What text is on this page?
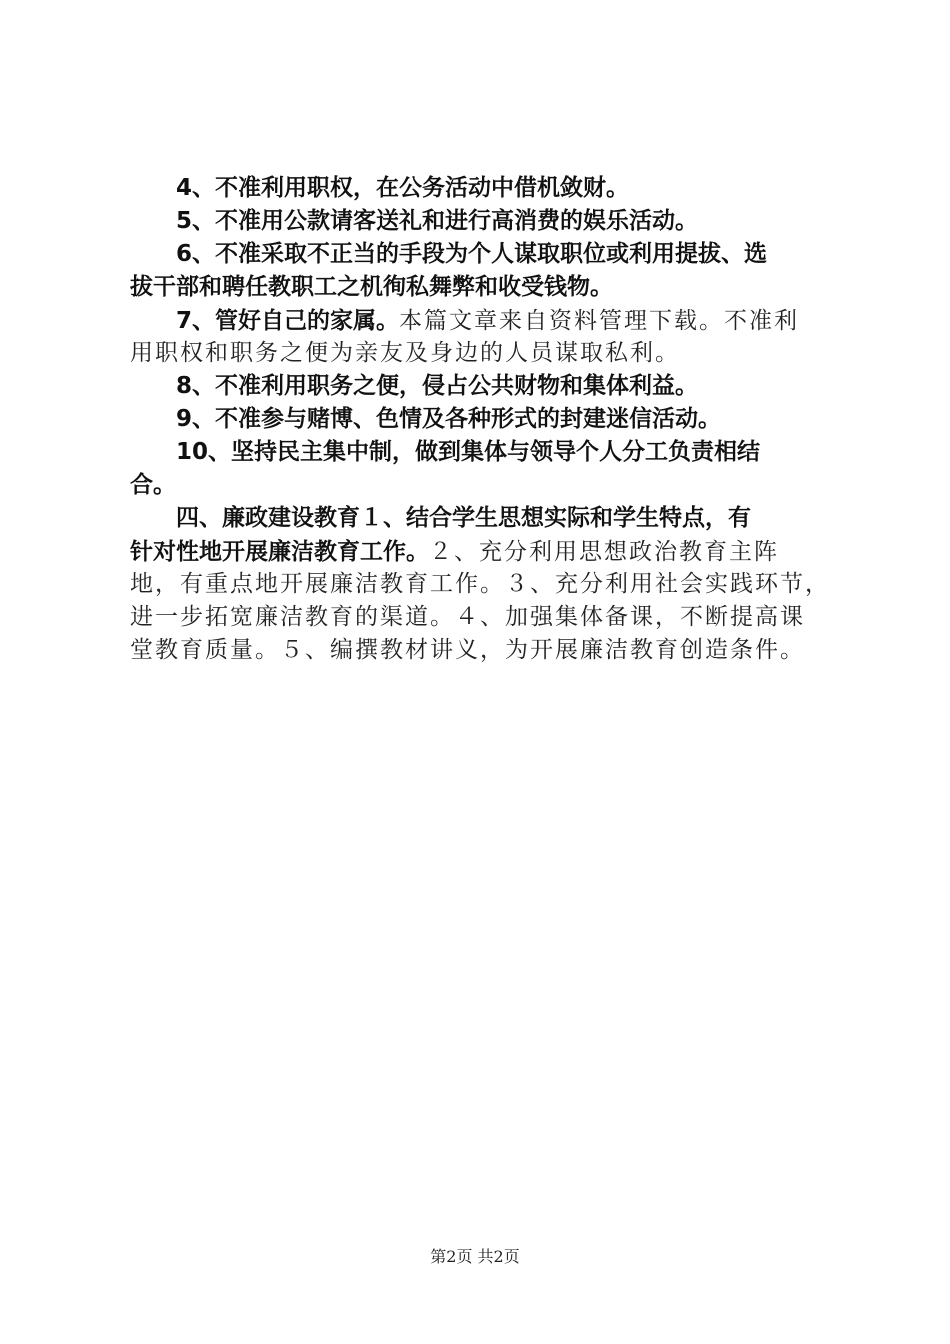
4、不准利用职权，在公务活动中借机敛财。
5、不准用公款请客送礼和进行高消费的娱乐活动。
6、不准采取不正当的手段为个人谋取职位或利用提拔、选
拔干部和聘任教职工之机徇私舞弊和收受钱物。
7、管好自己的家属。本篇文章来自资料管理下载。不准利
用职权和职务之便为亲友及身边的人员谋取私利。
8、不准利用职务之便，侵占公共财物和集体利益。
9、不准参与赌博、色情及各种形式的封建迷信活动。
10、坚持民主集中制，做到集体与领导个人分工负责相结
合。
四、廉政建设教育１、结合学生思想实际和学生特点，有
针对性地开展廉洁教育工作。２、充分利用思想政治教育主阵
地，有重点地开展廉洁教育工作。３、充分利用社会实践环节，
进一步拓宽廉洁教育的渠道。４、加强集体备课，不断提高课
堂教育质量。５、编撰教材讲义，为开展廉洁教育创造条件。
第2页 共2页
